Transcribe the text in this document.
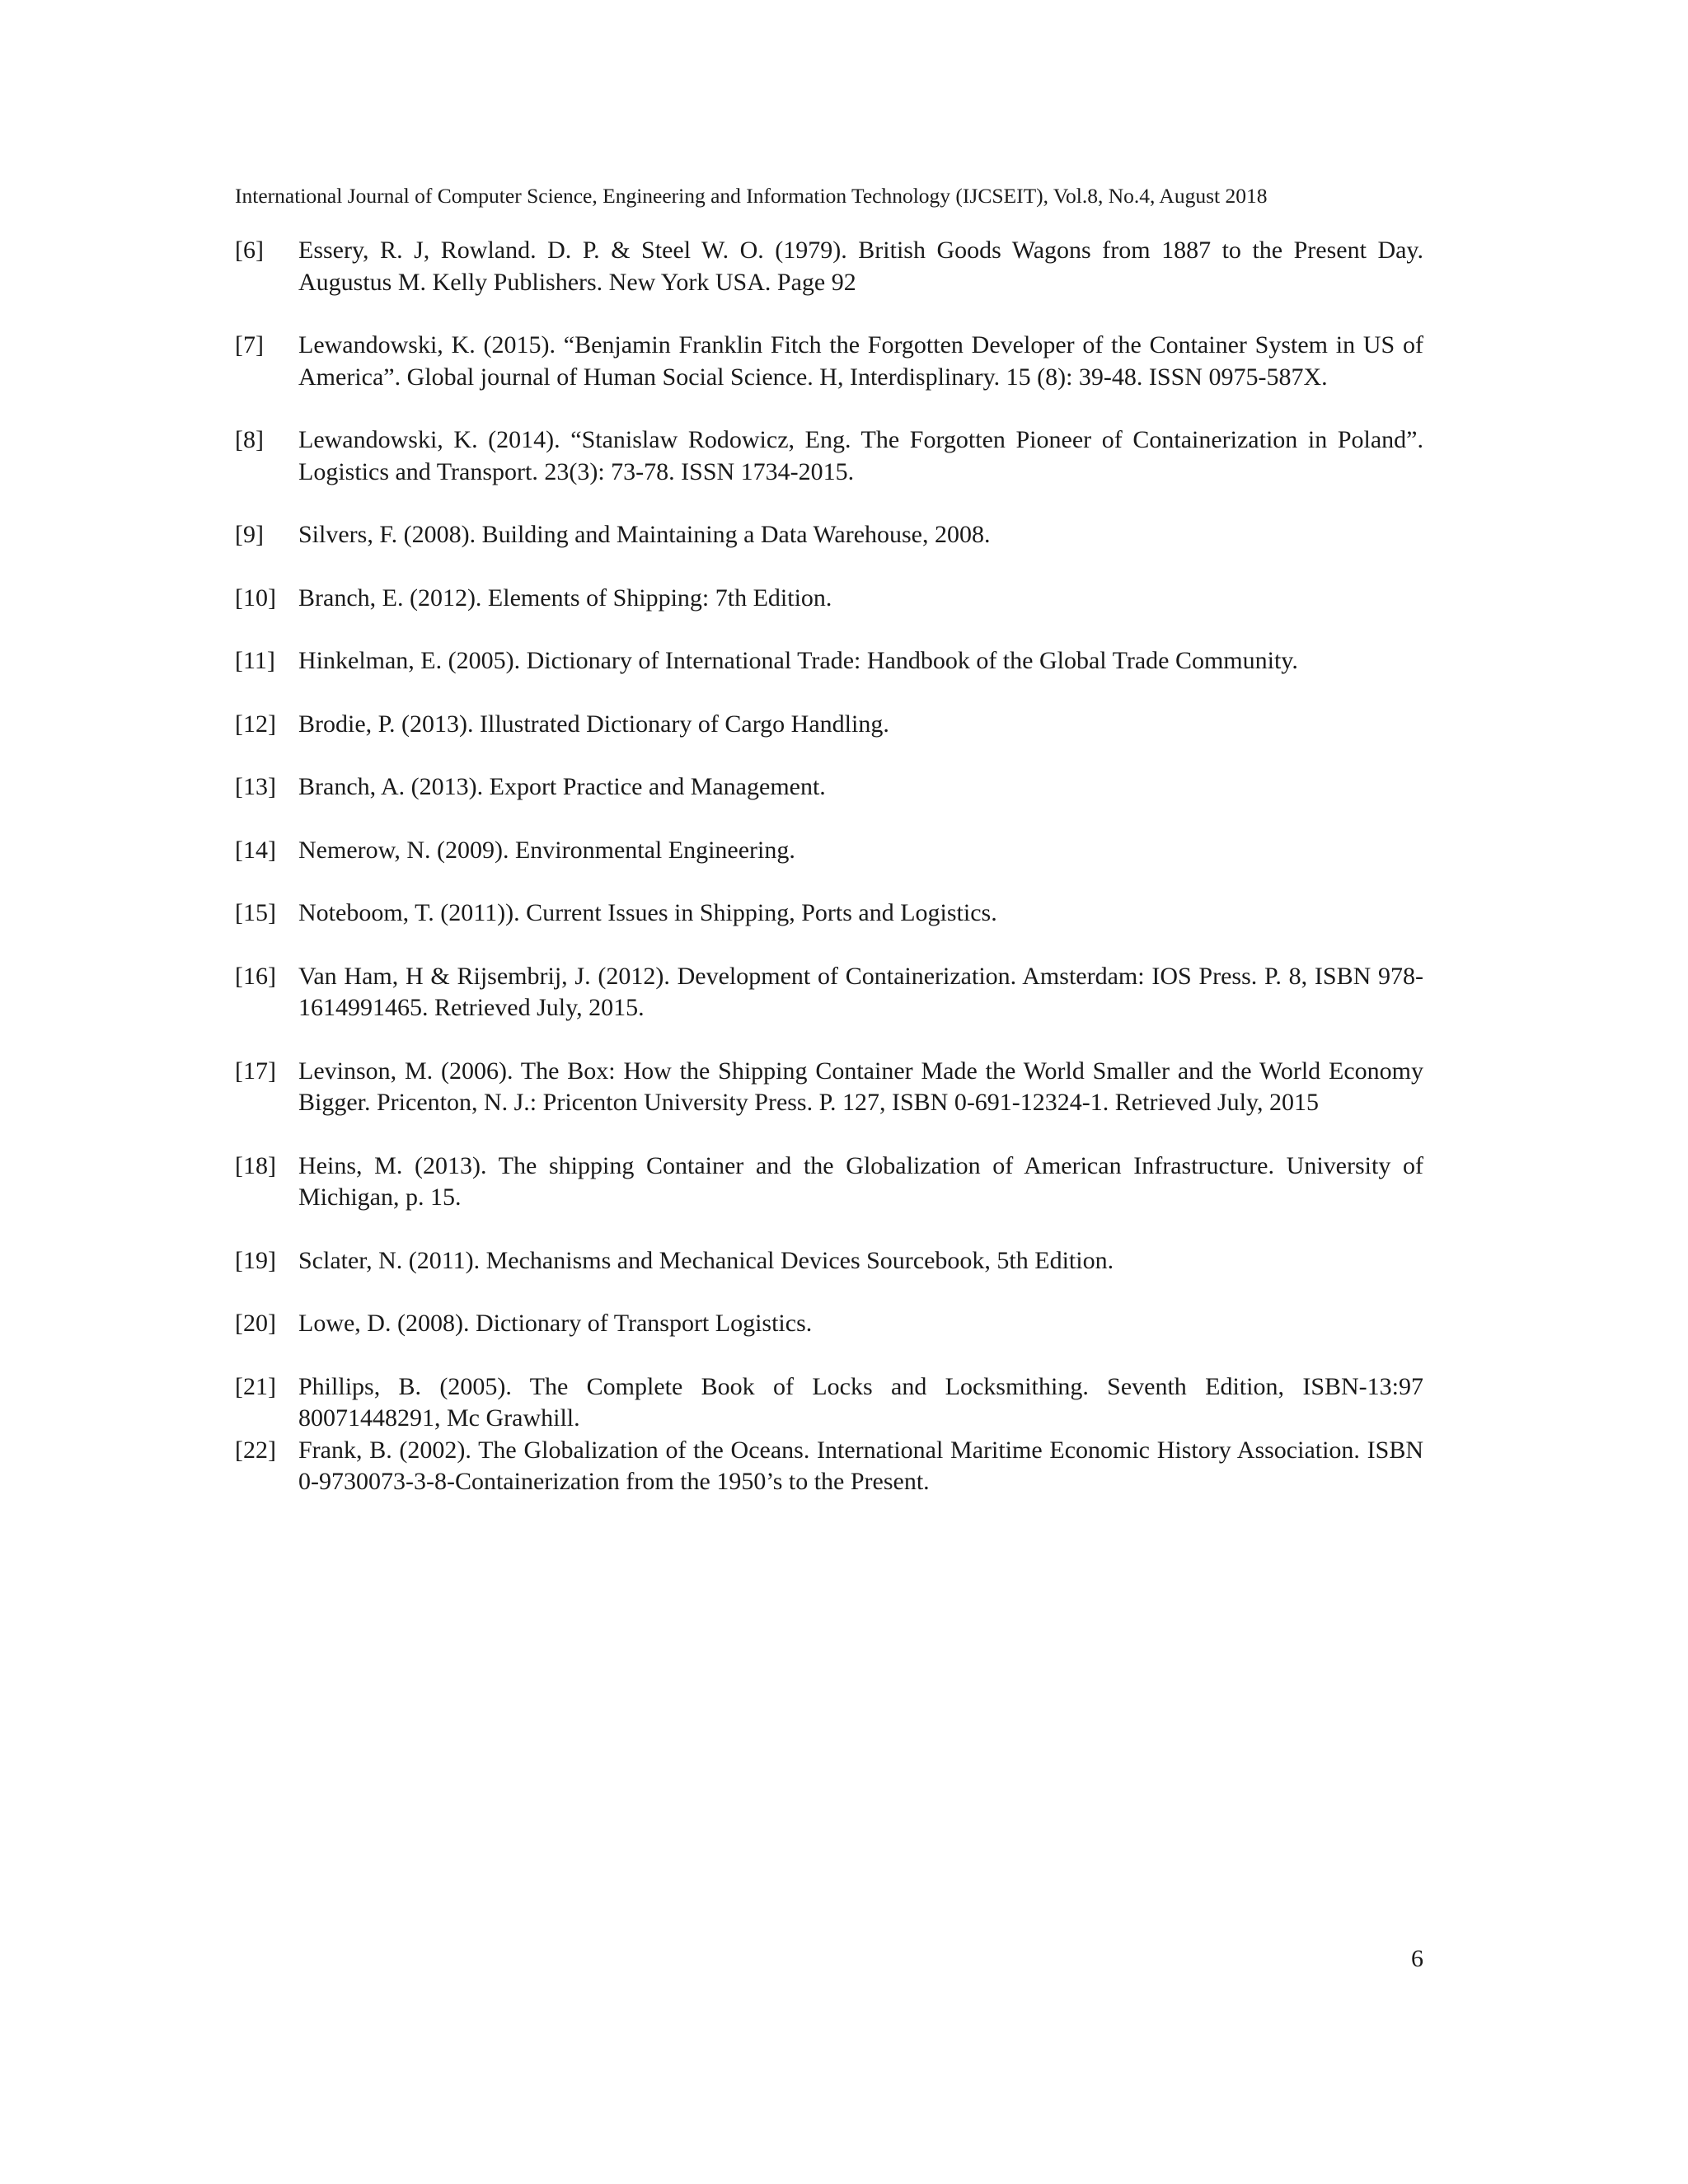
International Journal of Computer Science, Engineering and Information Technology (IJCSEIT), Vol.8, No.4, August 2018
[6] Essery, R. J, Rowland. D. P. & Steel W. O. (1979). British Goods Wagons from 1887 to the Present Day. Augustus M. Kelly Publishers. New York USA. Page 92
[7] Lewandowski, K. (2015). “Benjamin Franklin Fitch the Forgotten Developer of the Container System in US of America”. Global journal of Human Social Science. H, Interdisplinary. 15 (8): 39-48. ISSN 0975-587X.
[8] Lewandowski, K. (2014). “Stanislaw Rodowicz, Eng. The Forgotten Pioneer of Containerization in Poland”. Logistics and Transport. 23(3): 73-78. ISSN 1734-2015.
[9] Silvers, F. (2008). Building and Maintaining a Data Warehouse, 2008.
[10] Branch, E. (2012). Elements of Shipping: 7th Edition.
[11] Hinkelman, E. (2005). Dictionary of International Trade: Handbook of the Global Trade Community.
[12] Brodie, P. (2013). Illustrated Dictionary of Cargo Handling.
[13] Branch, A. (2013). Export Practice and Management.
[14] Nemerow, N. (2009). Environmental Engineering.
[15] Noteboom, T. (2011)). Current Issues in Shipping, Ports and Logistics.
[16] Van Ham, H & Rijsembrij, J. (2012). Development of Containerization. Amsterdam: IOS Press. P. 8, ISBN 978-1614991465. Retrieved July, 2015.
[17] Levinson, M. (2006). The Box: How the Shipping Container Made the World Smaller and the World Economy Bigger. Pricenton, N. J.: Pricenton University Press. P. 127, ISBN 0-691-12324-1. Retrieved July, 2015
[18] Heins, M. (2013). The shipping Container and the Globalization of American Infrastructure. University of Michigan, p. 15.
[19] Sclater, N. (2011). Mechanisms and Mechanical Devices Sourcebook, 5th Edition.
[20] Lowe, D. (2008). Dictionary of Transport Logistics.
[21] Phillips, B. (2005). The Complete Book of Locks and Locksmithing. Seventh Edition, ISBN-13:97 80071448291, Mc Grawhill.
[22] Frank, B. (2002). The Globalization of the Oceans. International Maritime Economic History Association. ISBN 0-9730073-3-8-Containerization from the 1950’s to the Present.
6
